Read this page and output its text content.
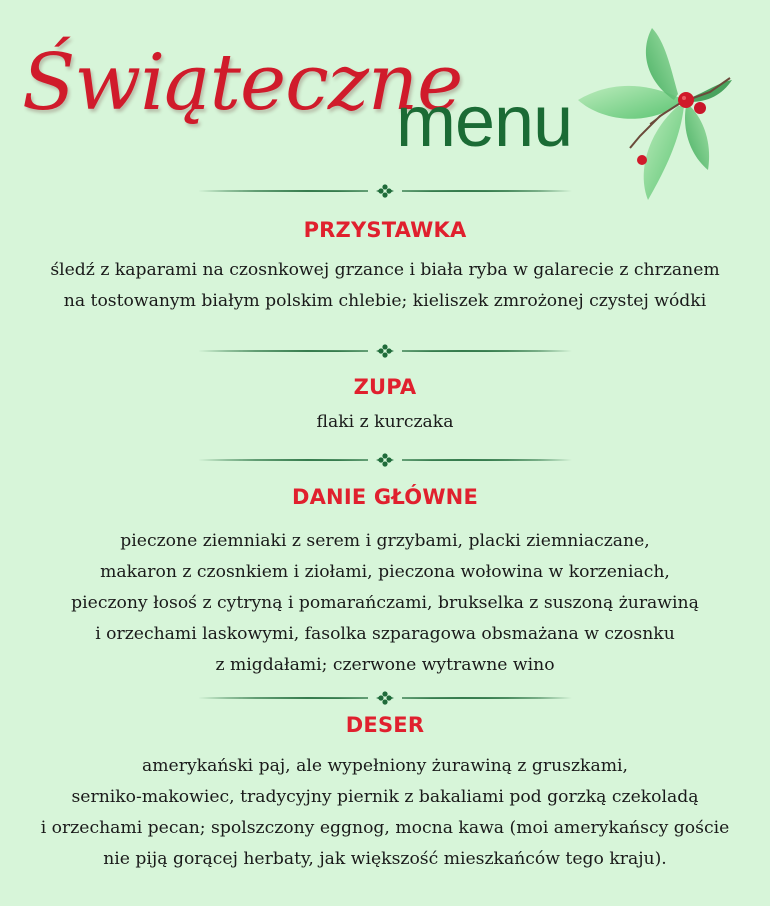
Świąteczne
menu
PRZYSTAWKA
śledź z kaparami na czosnkowej grzance i biała ryba w galarecie z chrzanem
na tostowanym białym polskim chlebie; kieliszek zmrożonej czystej wódki
ZUPA
flaki z kurczaka
DANIE GŁÓWNE
pieczone ziemniaki z serem i grzybami, placki ziemniaczane,
makaron z czosnkiem i ziołami, pieczona wołowina w korzeniach,
pieczony łosoś z cytryną i pomarańczami, brukselka z suszoną żurawiną
i orzechami laskowymi, fasolka szparagowa obsmażana w czosnku
z migdałami; czerwone wytrawne wino
DESER
amerykański paj, ale wypełniony żurawiną z gruszkami,
serniko-makowiec, tradycyjny piernik z bakaliami pod gorzką czekoladą
i orzechami pecan; spolszczony eggnog, mocna kawa (moi amerykańscy goście
nie piją gorącej herbaty, jak większość mieszkańców tego kraju).
